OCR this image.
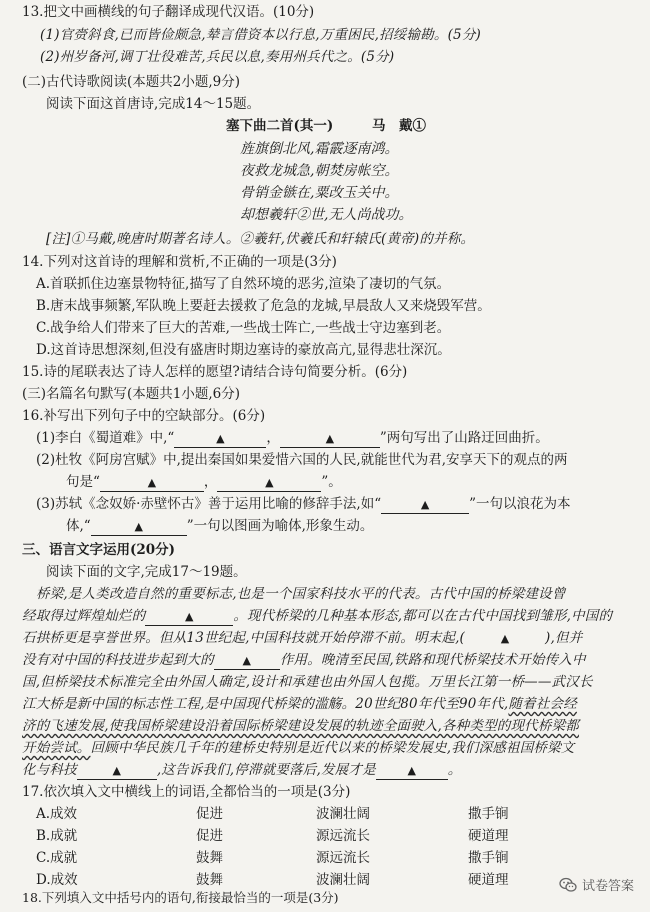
13.把文中画横线的句子翻译成现代汉语。(10分)
(1)官赍斜食,已而皆俭颇急,辇言借资本以行息,万重困民,招绥输勘。(5分)
(2)州岁备河,调丁壮役难苦,兵民以息,奏用州兵代之。(5分)
(二)古代诗歌阅读(本题共2小题,9分)
阅读下面这首唐诗,完成14～15题。
塞下曲二首(其一)	马　戴①
旌旗倒北风,霜霰逐南鸿。
夜救龙城急,朝焚房帐空。
骨销金镞在,粟改玉关中。
却想羲轩②世,无人尚战功。
[注]①马戴,晚唐时期著名诗人。②羲轩,伏羲氏和轩辕氏(黄帝)的并称。
14.下列对这首诗的理解和赏析,不正确的一项是(3分)
A.首联抓住边塞景物特征,描写了自然环境的恶劣,渲染了凄切的气氛。
B.唐末战事频繁,军队晚上要赶去援救了危急的龙城,早晨敌人又来烧毁军营。
C.战争给人们带来了巨大的苦难,一些战士阵亡,一些战士守边塞到老。
D.这首诗思想深刻,但没有盛唐时期边塞诗的豪放高亢,显得悲壮深沉。
15.诗的尾联表达了诗人怎样的愿望?请结合诗句简要分析。(6分)
(三)名篇名句默写(本题共1小题,6分)
16.补写出下列句子中的空缺部分。(6分)
(1)李白《蜀道难》中,“	▲	，	▲	”两句写出了山路迂回曲折。
(2)杜牧《阿房宫赋》中,提出秦国如果爱惜六国的人民,就能世代为君,安享天下的观点的两
句是“	▲	，	▲	”。
(3)苏轼《念奴娇·赤壁怀古》善于运用比喻的修辞手法,如“	▲	”一句以浪花为本
体,“	▲	”一句以图画为喻体,形象生动。
三、语言文字运用(20分)
阅读下面的文字,完成17～19题。
桥梁,是人类改造自然的重要标志,也是一个国家科技水平的代表。古代中国的桥梁建设曾
经取得过辉煌灿烂的	▲	。现代桥梁的几种基本形态,都可以在古代中国找到雏形,中国的
石拱桥更是享誉世界。但从13世纪起,中国科技就开始停滞不前。明末起,(	▲	),但并
没有对中国的科技进步起到大的	▲ 作用。晚清至民国,铁路和现代桥梁技术开始传入中
国,但桥梁技术标准完全由外国人确定,设计和承建也由外国人包揽。万里长江第一桥——武汉长
江大桥是新中国的标志性工程,是中国现代桥梁的滥觞。20世纪80年代至90年代,随着社会经
济的飞速发展,使我国桥梁建设沿着国际桥梁建设发展的轨迹全面驶入,各种类型的现代桥梁都
开始尝试。回顾中华民族几千年的建桥史特别是近代以来的桥梁发展史,我们深感祖国桥梁文
化与科技	▲	,这告诉我们,停滞就要落后,发展才是	▲ 。
17.依次填入文中横线上的词语,全都恰当的一项是(3分)
A.成效	促进	波澜壮阔	撒手锏
B.成就	促进	源远流长	硬道理
C.成就	鼓舞	源远流长	撒手锏
D.成效	鼓舞	波澜壮阔	硬道理
18.下列填入文中括号内的语句,衔接最恰当的一项是(3分)
试卷答案
